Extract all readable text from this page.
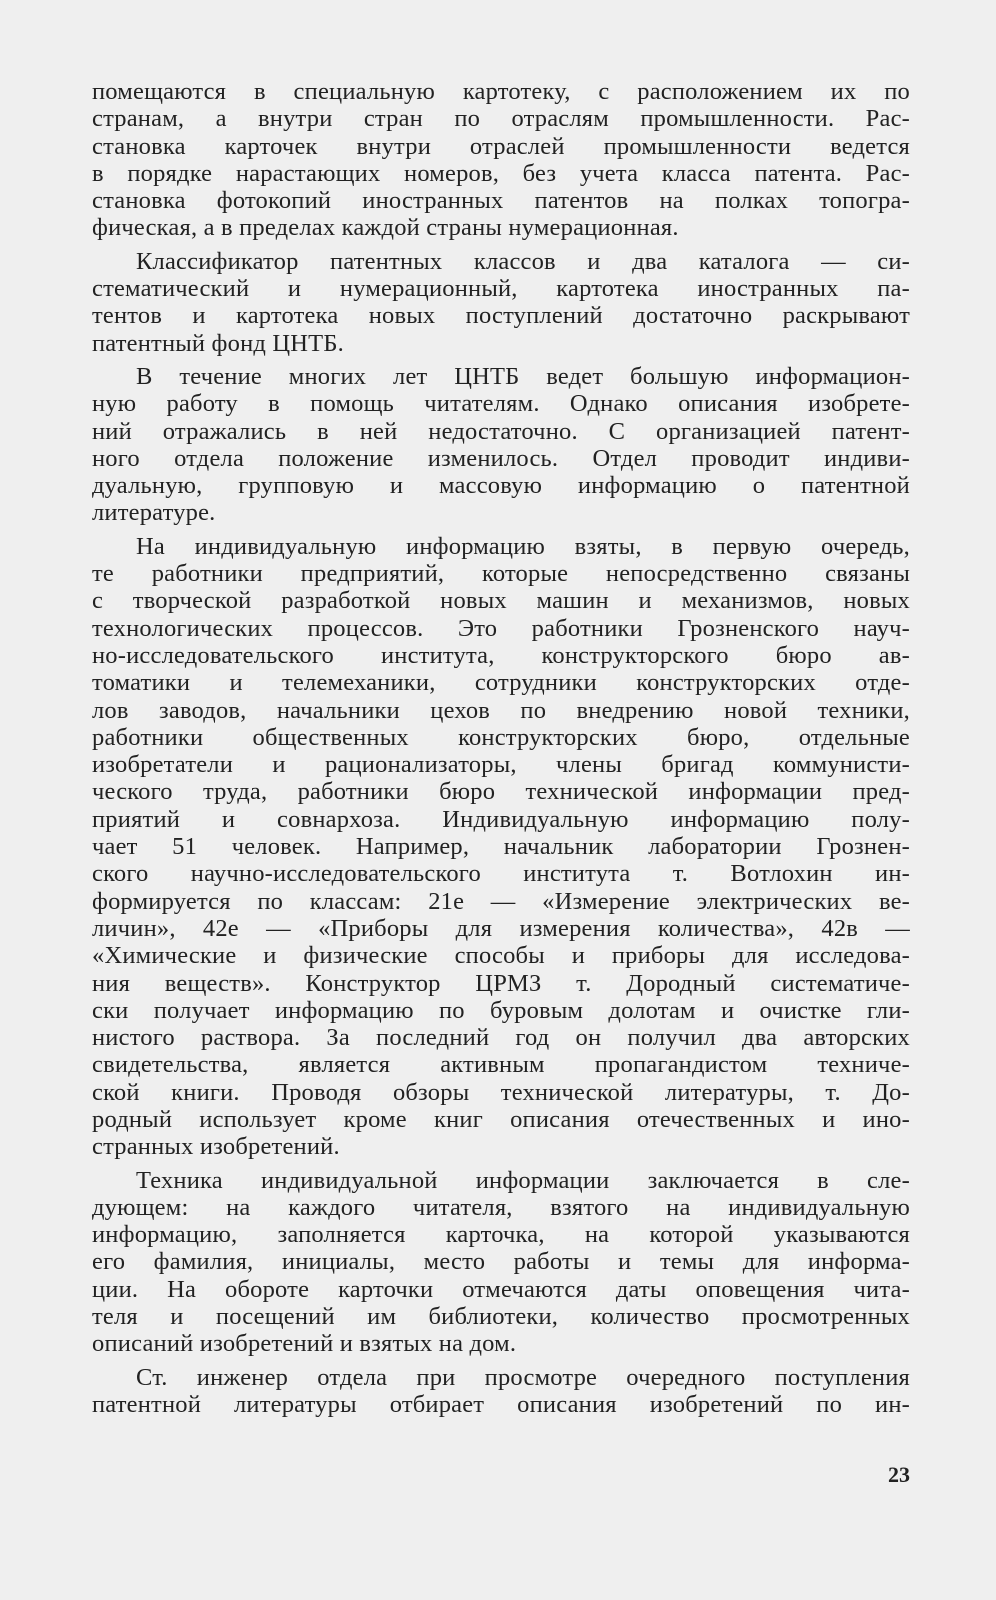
помещаются в специальную картотеку, с расположением их по
странам, а внутри стран по отраслям промышленности. Рас-
становка карточек внутри отраслей промышленности ведется
в порядке нарастающих номеров, без учета класса патента. Рас-
становка фотокопий иностранных патентов на полках топогра-
фическая, а в пределах каждой страны нумерационная.
Классификатор патентных классов и два каталога — си-
стематический и нумерационный, картотека иностранных па-
тентов и картотека новых поступлений достаточно раскрывают
патентный фонд ЦНТБ.
В течение многих лет ЦНТБ ведет большую информацион-
ную работу в помощь читателям. Однако описания изобрете-
ний отражались в ней недостаточно. С организацией патент-
ного отдела положение изменилось. Отдел проводит индиви-
дуальную, групповую и массовую информацию о патентной
литературе.
На индивидуальную информацию взяты, в первую очередь,
те работники предприятий, которые непосредственно связаны
с творческой разработкой новых машин и механизмов, новых
технологических процессов. Это работники Грозненского науч-
но-исследовательского института, конструкторского бюро ав-
томатики и телемеханики, сотрудники конструкторских отде-
лов заводов, начальники цехов по внедрению новой техники,
работники общественных конструкторских бюро, отдельные
изобретатели и рационализаторы, члены бригад коммунисти-
ческого труда, работники бюро технической информации пред-
приятий и совнархоза. Индивидуальную информацию полу-
чает 51 человек. Например, начальник лаборатории Грознен-
ского научно-исследовательского института т. Вотлохин ин-
формируется по классам: 21е — «Измерение электрических ве-
личин», 42е — «Приборы для измерения количества», 42в —
«Химические и физические способы и приборы для исследова-
ния веществ». Конструктор ЦРМЗ т. Дородный систематиче-
ски получает информацию по буровым долотам и очистке гли-
нистого раствора. За последний год он получил два авторских
свидетельства, является активным пропагандистом техниче-
ской книги. Проводя обзоры технической литературы, т. До-
родный использует кроме книг описания отечественных и ино-
странных изобретений.
Техника индивидуальной информации заключается в сле-
дующем: на каждого читателя, взятого на индивидуальную
информацию, заполняется карточка, на которой указываются
его фамилия, инициалы, место работы и темы для информа-
ции. На обороте карточки отмечаются даты оповещения чита-
теля и посещений им библиотеки, количество просмотренных
описаний изобретений и взятых на дом.
Ст. инженер отдела при просмотре очередного поступления
патентной литературы отбирает описания изобретений по ин-
23
